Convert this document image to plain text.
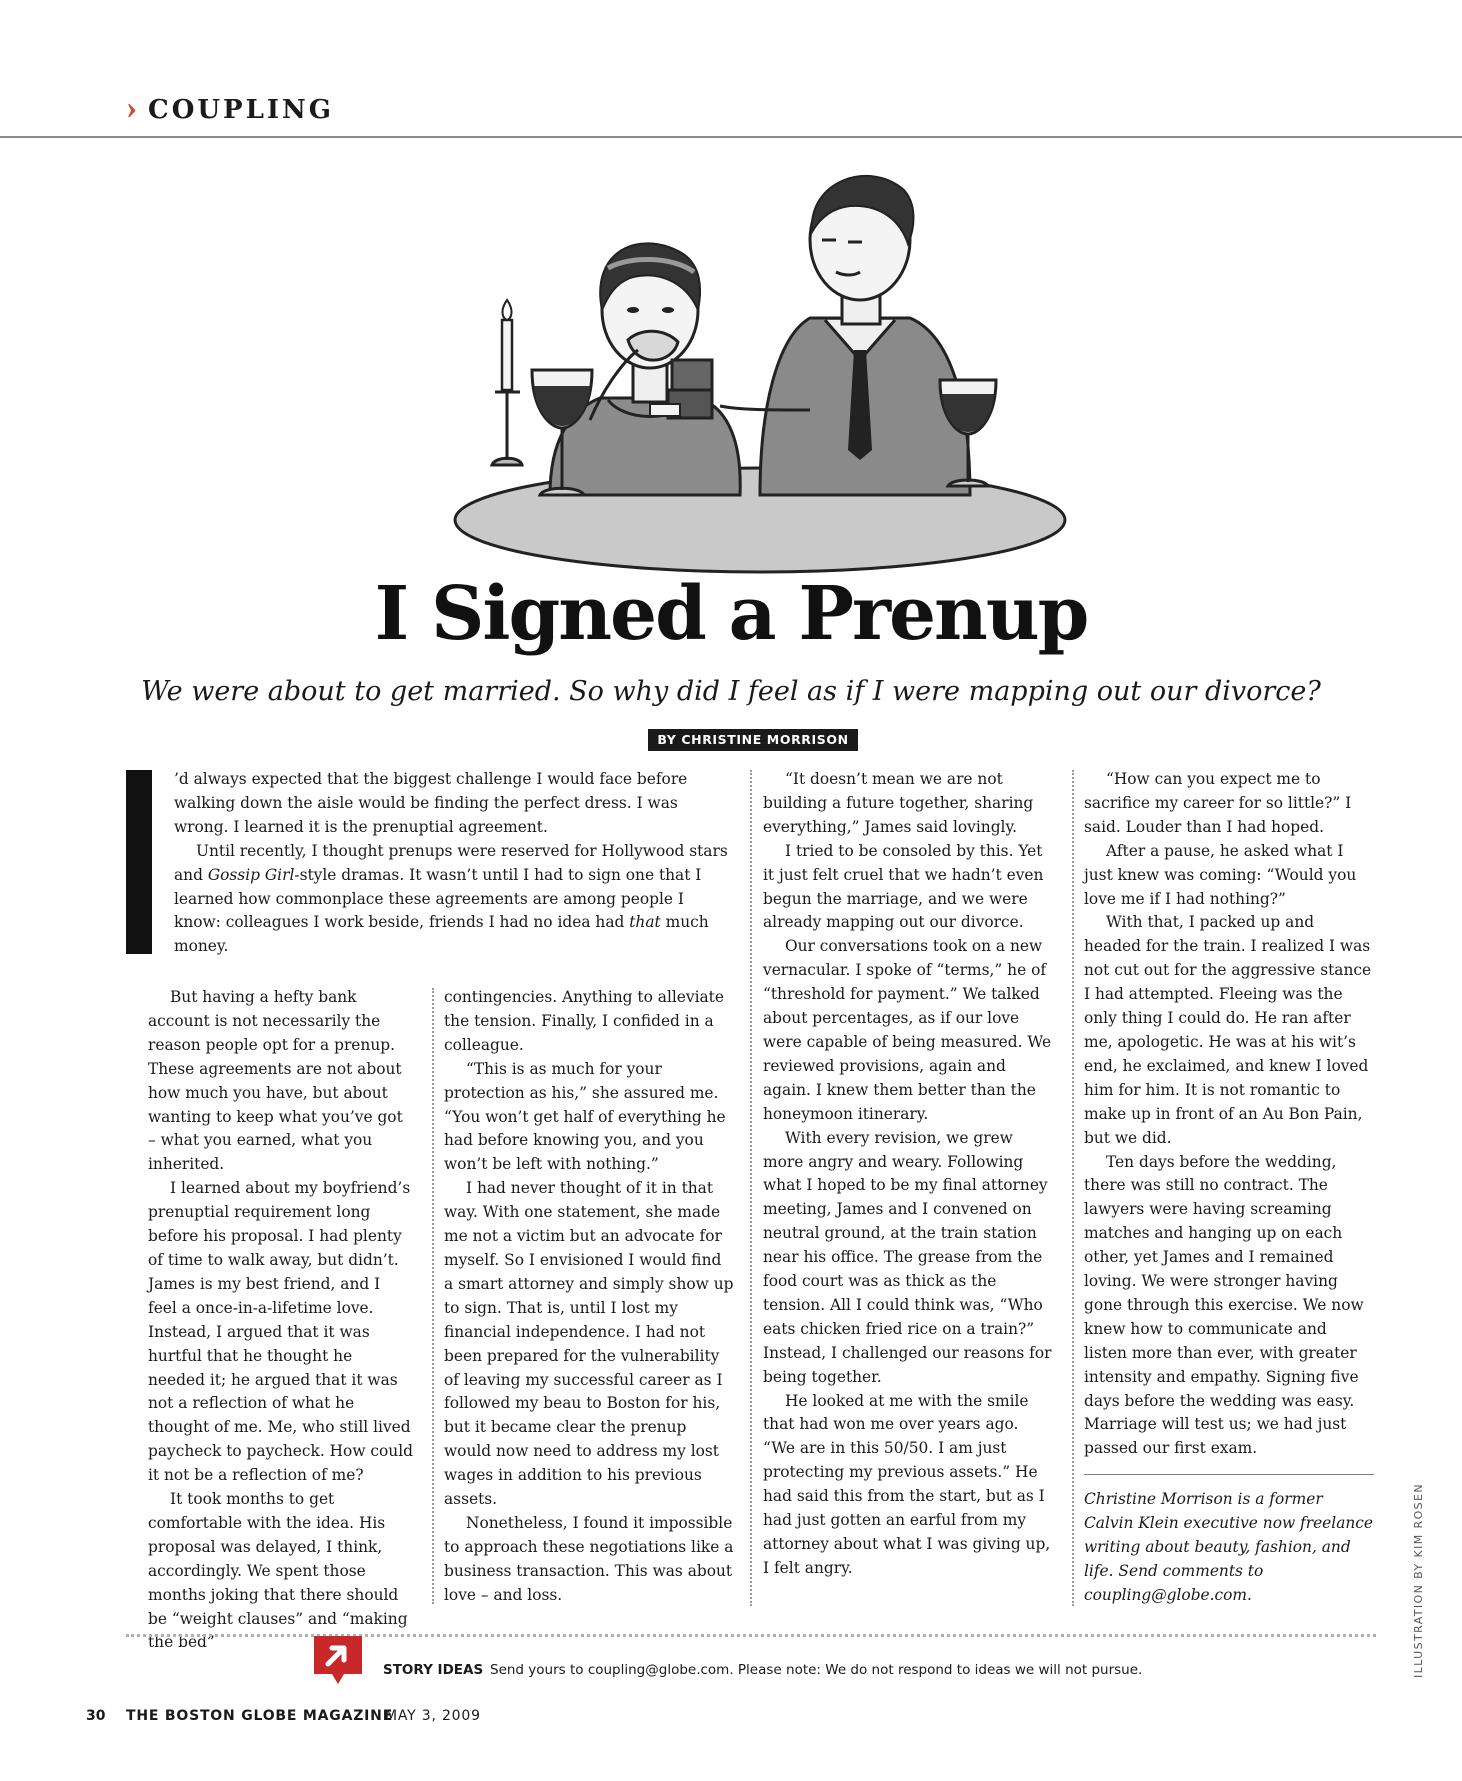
› COUPLING
I Signed a Prenup
We were about to get married. So why did I feel as if I were mapping out our divorce?
BY CHRISTINE MORRISON

’d always expected that the biggest challenge I would face before walking down the aisle would be finding the perfect dress. I was wrong. I learned it is the prenuptial agreement.

Until recently, I thought prenups were reserved for Hollywood stars and Gossip Girl-style dramas. It wasn’t until I had to sign one that I learned how commonplace these agreements are among people I know: colleagues I work beside, friends I had no idea had that much money.

But having a hefty bank account is not necessarily the reason people opt for a prenup. These agreements are not about how much you have, but about wanting to keep what you’ve got – what you earned, what you inherited.

I learned about my boyfriend’s prenuptial requirement long before his proposal. I had plenty of time to walk away, but didn’t. James is my best friend, and I feel a once-in-a-lifetime love. Instead, I argued that it was hurtful that he thought he needed it; he argued that it was not a reflection of what he thought of me. Me, who still lived paycheck to paycheck. How could it not be a reflection of me?

It took months to get comfortable with the idea. His proposal was delayed, I think, accordingly. We spent those months joking that there should be “weight clauses” and “making the bed”

contingencies. Anything to alleviate the tension. Finally, I confided in a colleague.

“This is as much for your protection as his,” she assured me. “You won’t get half of everything he had before knowing you, and you won’t be left with nothing.”

I had never thought of it in that way. With one statement, she made me not a victim but an advocate for myself. So I envisioned I would find a smart attorney and simply show up to sign. That is, until I lost my financial independence. I had not been prepared for the vulnerability of leaving my successful career as I followed my beau to Boston for his, but it became clear the prenup would now need to address my lost wages in addition to his previous assets.

Nonetheless, I found it impossible to approach these negotiations like a business transaction. This was about love – and loss.

“It doesn’t mean we are not building a future together, sharing everything,” James said lovingly.

I tried to be consoled by this. Yet it just felt cruel that we hadn’t even begun the marriage, and we were already mapping out our divorce.

Our conversations took on a new vernacular. I spoke of “terms,” he of “threshold for payment.” We talked about percentages, as if our love were capable of being measured. We reviewed provisions, again and again. I knew them better than the honeymoon itinerary.

With every revision, we grew more angry and weary. Following what I hoped to be my final attorney meeting, James and I convened on neutral ground, at the train station near his office. The grease from the food court was as thick as the tension. All I could think was, “Who eats chicken fried rice on a train?” Instead, I challenged our reasons for being together.

He looked at me with the smile that had won me over years ago. “We are in this 50/50. I am just protecting my previous assets.” He had said this from the start, but as I had just gotten an earful from my attorney about what I was giving up, I felt angry.

“How can you expect me to sacrifice my career for so little?” I said. Louder than I had hoped.

After a pause, he asked what I just knew was coming: “Would you love me if I had nothing?”

With that, I packed up and headed for the train. I realized I was not cut out for the aggressive stance I had attempted. Fleeing was the only thing I could do. He ran after me, apologetic. He was at his wit’s end, he exclaimed, and knew I loved him for him. It is not romantic to make up in front of an Au Bon Pain, but we did.

Ten days before the wedding, there was still no contract. The lawyers were having screaming matches and hanging up on each other, yet James and I remained loving. We were stronger having gone through this exercise. We now knew how to communicate and listen more than ever, with greater intensity and empathy. Signing five days before the wedding was easy. Marriage will test us; we had just passed our first exam.

Christine Morrison is a former Calvin Klein executive now freelance writing about beauty, fashion, and life. Send comments to coupling@globe.com.	ILLUSTRATION BY KIM ROSEN
STORY IDEAS Send yours to coupling@globe.com. Please note: We do not respond to ideas we will not pursue.
30 THE BOSTON GLOBE MAGAZINE
MAY 3, 2009
